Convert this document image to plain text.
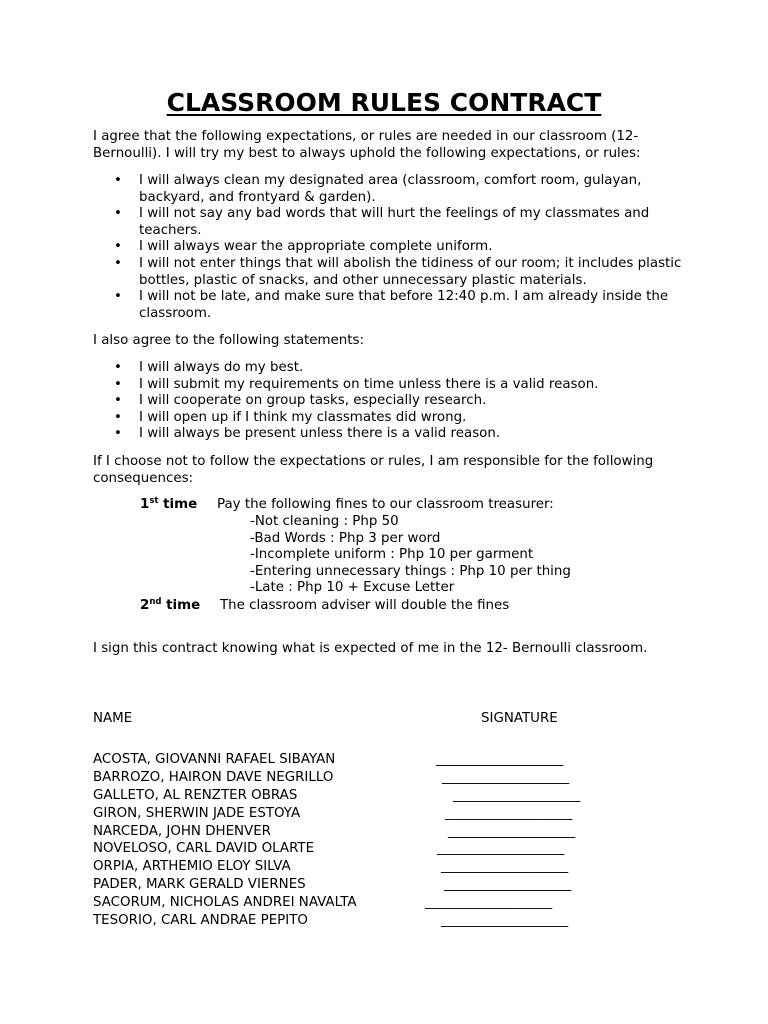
CLASSROOM RULES CONTRACT

I agree that the following expectations, or rules are needed in our classroom (12-Bernoulli). I will try my best to always uphold the following expectations, or rules:

• I will always clean my designated area (classroom, comfort room, gulayan, backyard, and frontyard & garden).
• I will not say any bad words that will hurt the feelings of my classmates and teachers.
• I will always wear the appropriate complete uniform.
• I will not enter things that will abolish the tidiness of our room; it includes plastic bottles, plastic of snacks, and other unnecessary plastic materials.
• I will not be late, and make sure that before 12:40 p.m. I am already inside the classroom.

I also agree to the following statements:

• I will always do my best.
• I will submit my requirements on time unless there is a valid reason.
• I will cooperate on group tasks, especially research.
• I will open up if I think my classmates did wrong.
• I will always be present unless there is a valid reason.

If I choose not to follow the expectations or rules, I am responsible for the following consequences:

1st time Pay the following fines to our classroom treasurer:
-Not cleaning : Php 50
-Bad Words : Php 3 per word
-Incomplete uniform : Php 10 per garment
-Entering unnecessary things : Php 10 per thing
-Late : Php 10 + Excuse Letter
2nd time The classroom adviser will double the fines

I sign this contract knowing what is expected of me in the 12- Bernoulli classroom.

NAME	SIGNATURE
ACOSTA, GIOVANNI RAFAEL SIBAYAN	___________________
BARROZO, HAIRON DAVE NEGRILLO	___________________
GALLETO, AL RENZTER OBRAS	___________________
GIRON, SHERWIN JADE ESTOYA	___________________
NARCEDA, JOHN DHENVER	___________________
NOVELOSO, CARL DAVID OLARTE	___________________
ORPIA, ARTHEMIO ELOY SILVA	___________________
PADER, MARK GERALD VIERNES	___________________
SACORUM, NICHOLAS ANDREI NAVALTA	___________________
TESORIO, CARL ANDRAE PEPITO	___________________
